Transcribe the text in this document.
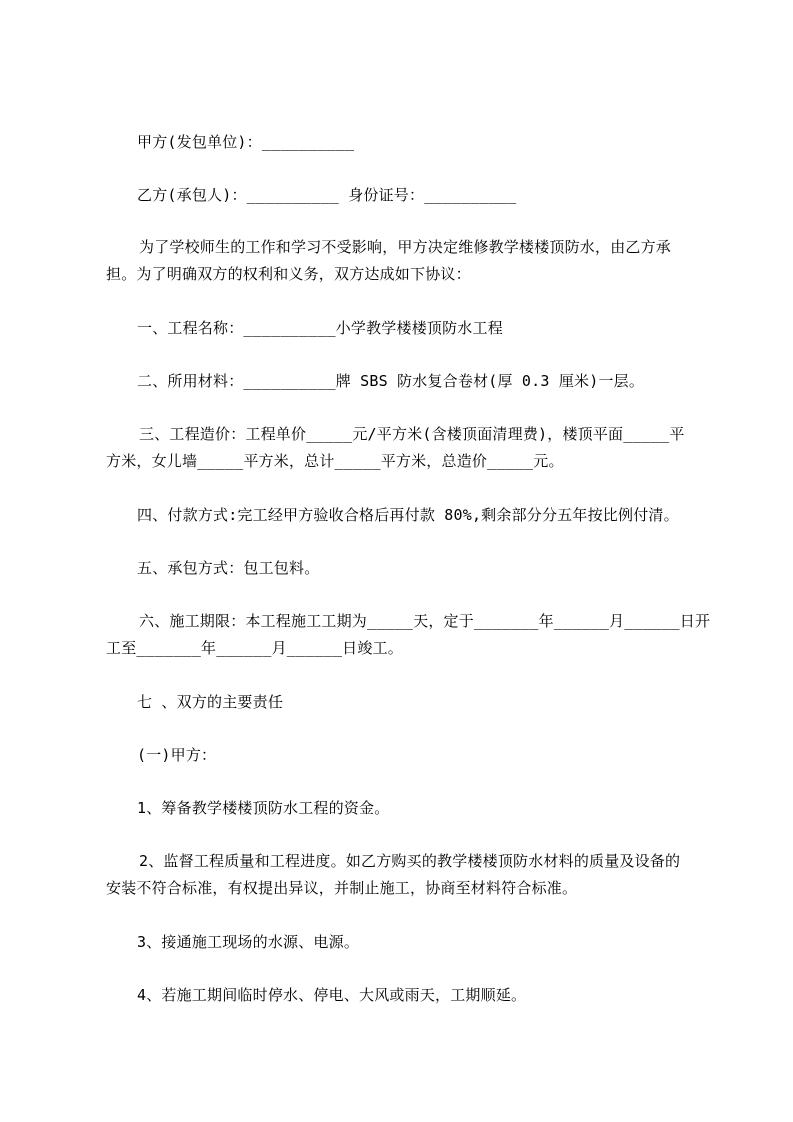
甲方(发包单位)：__________
乙方(承包人)：__________ 身份证号：__________
为了学校师生的工作和学习不受影响，甲方决定维修教学楼楼顶防水，由乙方承
担。为了明确双方的权利和义务，双方达成如下协议：
一、工程名称：__________小学教学楼楼顶防水工程
二、所用材料：__________牌 SBS 防水复合卷材(厚 0.3 厘米)一层。
三、工程造价：工程单价_____元/平方米(含楼顶面清理费)，楼顶平面_____平
方米，女儿墙_____平方米，总计_____平方米，总造价_____元。
四、付款方式:完工经甲方验收合格后再付款 80%,剩余部分分五年按比例付清。
五、承包方式：包工包料。
六、施工期限：本工程施工工期为_____天，定于_______年______月______日开
工至_______年______月______日竣工。
七 、双方的主要责任
(一)甲方：
1、筹备教学楼楼顶防水工程的资金。
2、监督工程质量和工程进度。如乙方购买的教学楼楼顶防水材料的质量及设备的
安装不符合标准，有权提出异议，并制止施工，协商至材料符合标准。
3、接通施工现场的水源、电源。
4、若施工期间临时停水、停电、大风或雨天，工期顺延。
